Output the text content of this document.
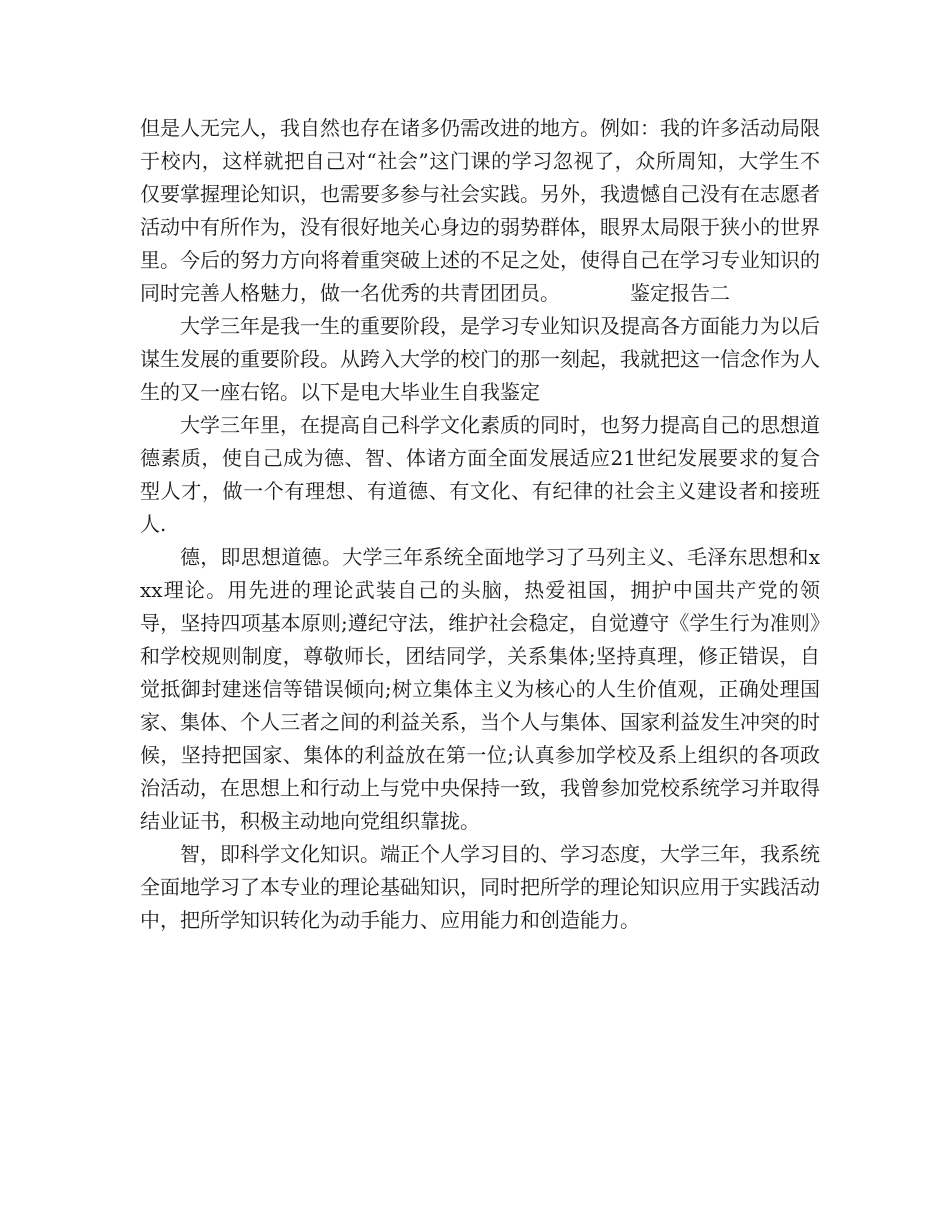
但是人无完人，我自然也存在诸多仍需改进的地方。例如：我的许多活动局限于校内，这样就把自己对“社会”这门课的学习忽视了，众所周知，大学生不仅要掌握理论知识，也需要多参与社会实践。另外，我遗憾自己没有在志愿者活动中有所作为，没有很好地关心身边的弱势群体，眼界太局限于狭小的世界里。今后的努力方向将着重突破上述的不足之处，使得自己在学习专业知识的同时完善人格魅力，做一名优秀的共青团团员。	鉴定报告二

大学三年是我一生的重要阶段，是学习专业知识及提高各方面能力为以后谋生发展的重要阶段。从跨入大学的校门的那一刻起，我就把这一信念作为人生的又一座右铭。以下是电大毕业生自我鉴定

大学三年里，在提高自己科学文化素质的同时，也努力提高自己的思想道德素质，使自己成为德、智、体诸方面全面发展适应21世纪发展要求的复合型人才，做一个有理想、有道德、有文化、有纪律的社会主义建设者和接班人.

德，即思想道德。大学三年系统全面地学习了马列主义、毛泽东思想和xxx理论。用先进的理论武装自己的头脑，热爱祖国，拥护中国共产党的领导，坚持四项基本原则;遵纪守法，维护社会稳定，自觉遵守《学生行为准则》和学校规则制度，尊敬师长，团结同学，关系集体;坚持真理，修正错误，自觉抵御封建迷信等错误倾向;树立集体主义为核心的人生价值观，正确处理国家、集体、个人三者之间的利益关系，当个人与集体、国家利益发生冲突的时候，坚持把国家、集体的利益放在第一位;认真参加学校及系上组织的各项政治活动，在思想上和行动上与党中央保持一致，我曾参加党校系统学习并取得结业证书，积极主动地向党组织靠拢。

智，即科学文化知识。端正个人学习目的、学习态度，大学三年，我系统全面地学习了本专业的理论基础知识，同时把所学的理论知识应用于实践活动中，把所学知识转化为动手能力、应用能力和创造能力。
